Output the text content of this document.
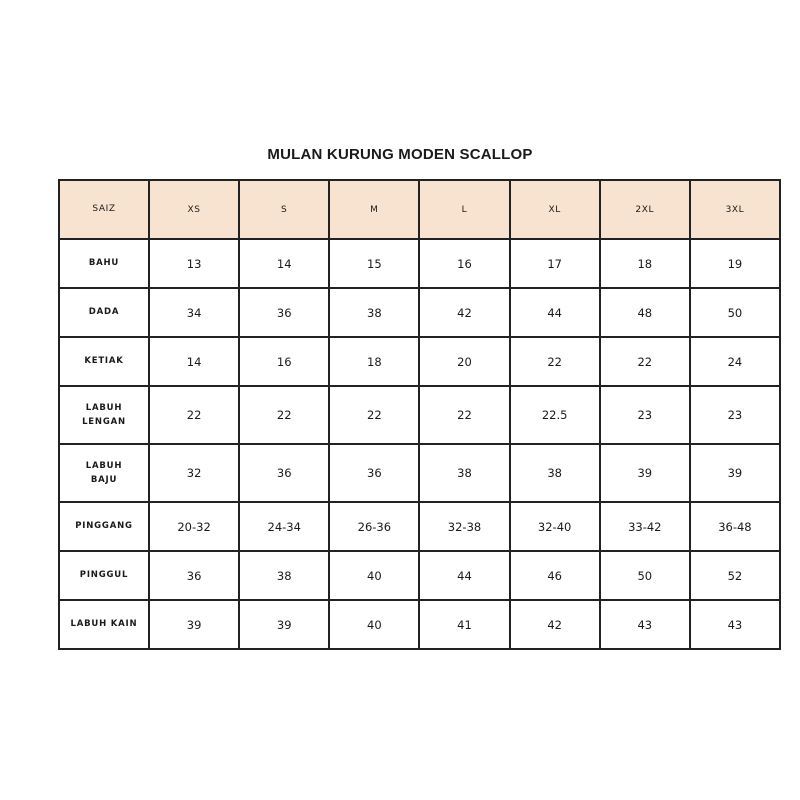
MULAN KURUNG MODEN SCALLOP
SAIZ	XS	S	M	L	XL	2XL	3XL

BAHU	13	14	15	16	17	18	19

DADA	34	36	38	42	44	48	50

KETIAK	14	16	18	20	22	22	24

LABUH
LENGAN	22	22	22	22	22.5	23	23

LABUH
BAJU	32	36	36	38	38	39	39

PINGGANG	20-32	24-34	26-36	32-38	32-40	33-42	36-48

PINGGUL	36	38	40	44	46	50	52

LABUH KAIN	39	39	40	41	42	43	43
